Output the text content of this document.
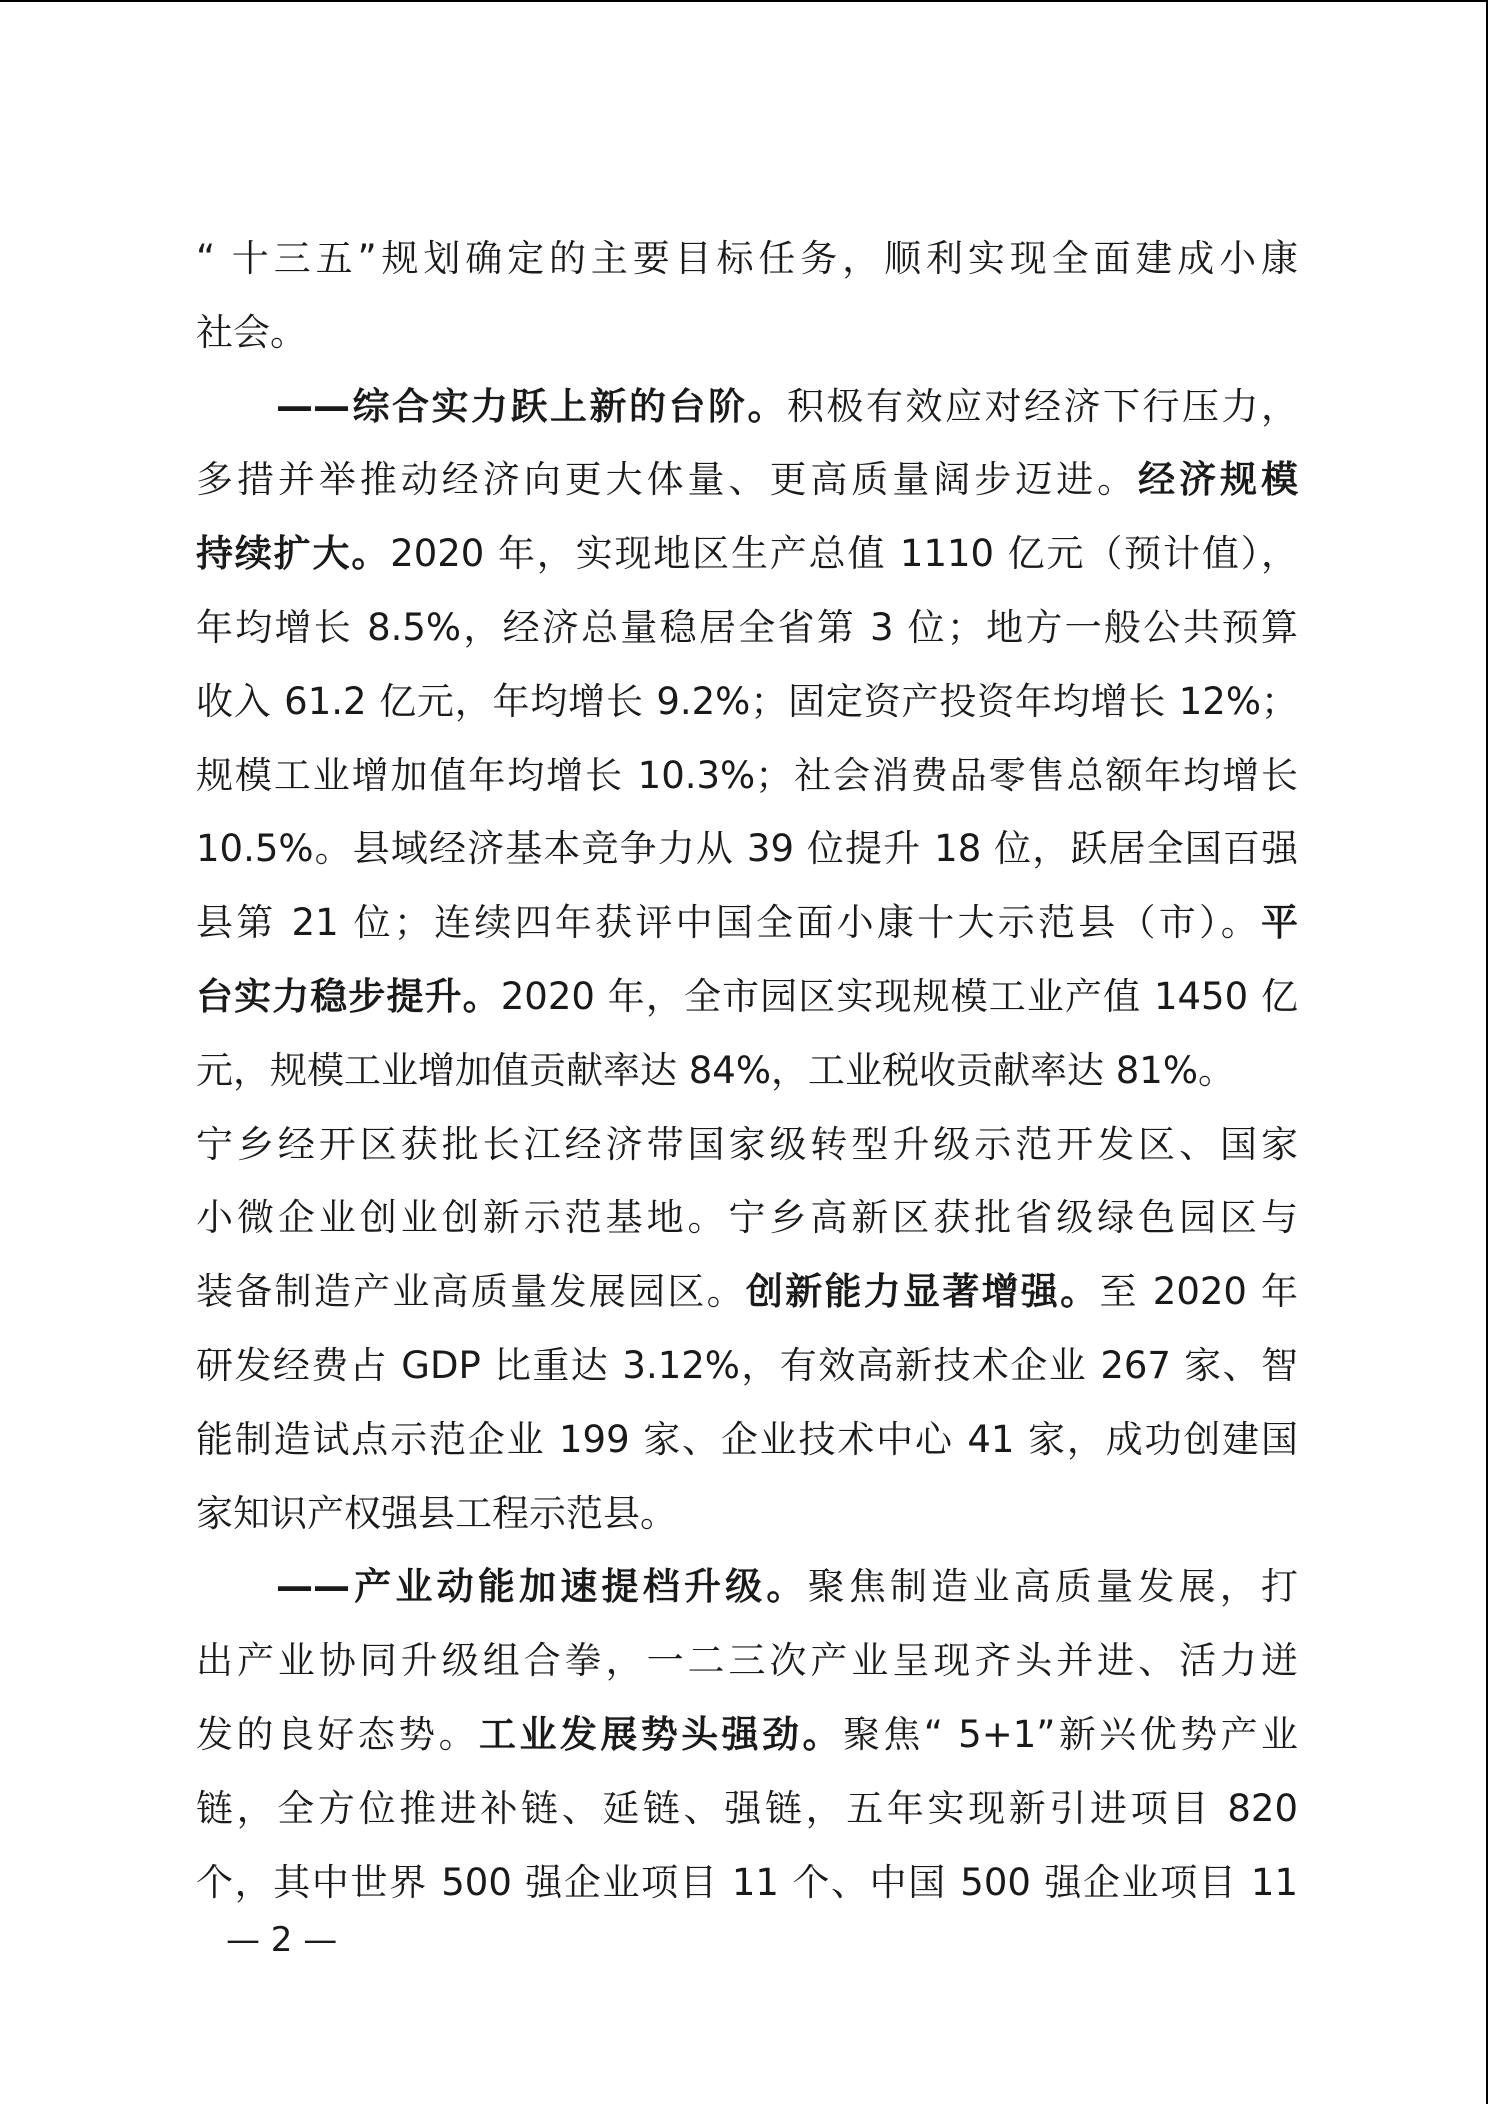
“ 十三五”规划确定的主要目标任务，顺利实现全面建成小康
社会。
——综合实力跃上新的台阶。积极有效应对经济下行压力，
多措并举推动经济向更大体量、更高质量阔步迈进。经济规模
持续扩大。2020 年，实现地区生产总值 1110 亿元（预计值），
年均增长 8.5%，经济总量稳居全省第 3 位；地方一般公共预算
收入 61.2 亿元，年均增长 9.2%；固定资产投资年均增长 12%；
规模工业增加值年均增长 10.3%；社会消费品零售总额年均增长
10.5%。县域经济基本竞争力从 39 位提升 18 位，跃居全国百强
县第 21 位；连续四年获评中国全面小康十大示范县（市）。平
台实力稳步提升。2020 年，全市园区实现规模工业产值 1450 亿
元，规模工业增加值贡献率达 84%，工业税收贡献率达 81%。
宁乡经开区获批长江经济带国家级转型升级示范开发区、国家
小微企业创业创新示范基地。宁乡高新区获批省级绿色园区与
装备制造产业高质量发展园区。创新能力显著增强。至 2020 年
研发经费占 GDP 比重达 3.12%，有效高新技术企业 267 家、智
能制造试点示范企业 199 家、企业技术中心 41 家，成功创建国
家知识产权强县工程示范县。
——产业动能加速提档升级。聚焦制造业高质量发展，打
出产业协同升级组合拳，一二三次产业呈现齐头并进、活力迸
发的良好态势。工业发展势头强劲。聚焦“ 5+1”新兴优势产业
链，全方位推进补链、延链、强链，五年实现新引进项目 820
个，其中世界 500 强企业项目 11 个、中国 500 强企业项目 11
— 2 —
